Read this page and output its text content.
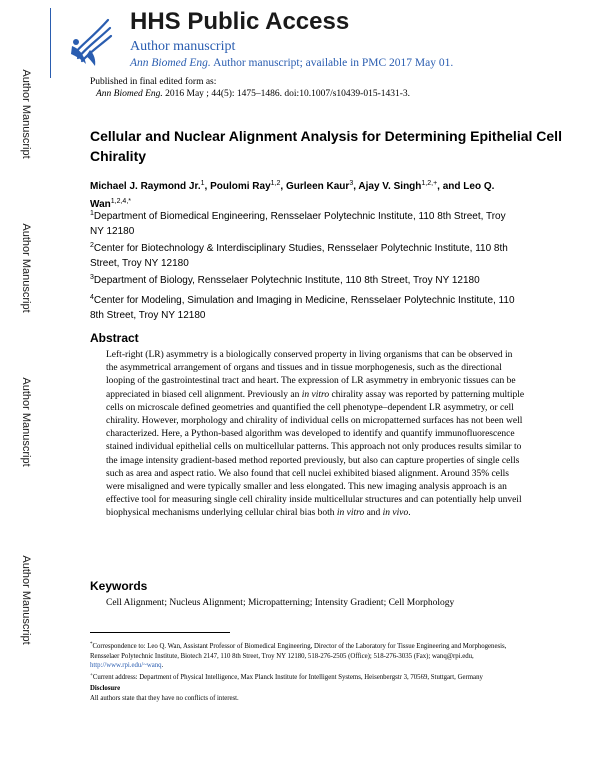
Author Manuscript
Author Manuscript
Author Manuscript
Author Manuscript
HHS Public Access
Author manuscript
Ann Biomed Eng. Author manuscript; available in PMC 2017 May 01.
Published in final edited form as:
Ann Biomed Eng. 2016 May ; 44(5): 1475–1486. doi:10.1007/s10439-015-1431-3.
Cellular and Nuclear Alignment Analysis for Determining Epithelial Cell Chirality
Michael J. Raymond Jr.$^1$, Poulomi Ray$^{1,2}$, Gurleen Kaur$^3$, Ajay V. Singh$^{1,2,+}$, and Leo Q. Wan$^{1,2,4,*}$
$^1$Department of Biomedical Engineering, Rensselaer Polytechnic Institute, 110 8th Street, Troy NY 12180
$^2$Center for Biotechnology & Interdisciplinary Studies, Rensselaer Polytechnic Institute, 110 8th Street, Troy NY 12180
$^3$Department of Biology, Rensselaer Polytechnic Institute, 110 8th Street, Troy NY 12180
$^4$Center for Modeling, Simulation and Imaging in Medicine, Rensselaer Polytechnic Institute, 110 8th Street, Troy NY 12180
Abstract
Left-right (LR) asymmetry is a biologically conserved property in living organisms that can be observed in the asymmetrical arrangement of organs and tissues and in tissue morphogenesis, such as the directional looping of the gastrointestinal tract and heart. The expression of LR asymmetry in embryonic tissues can be appreciated in biased cell alignment. Previously an in vitro chirality assay was reported by patterning multiple cells on microscale defined geometries and quantified the cell phenotype–dependent LR asymmetry, or cell chirality. However, morphology and chirality of individual cells on micropatterned surfaces has not been well characterized. Here, a Python-based algorithm was developed to identify and quantify immunofluorescence stained individual epithelial cells on multicellular patterns. This approach not only produces results similar to the image intensity gradient-based method reported previously, but also can capture properties of single cells such as area and aspect ratio. We also found that cell nuclei exhibited biased alignment. Around 35% cells were misaligned and were typically smaller and less elongated. This new imaging analysis approach is an effective tool for measuring single cell chirality inside multicellular structures and can potentially help unveil biophysical mechanisms underlying cellular chiral bias both in vitro and in vivo.
Keywords
Cell Alignment; Nucleus Alignment; Micropatterning; Intensity Gradient; Cell Morphology
*Correspondence to: Leo Q. Wan, Assistant Professor of Biomedical Engineering, Director of the Laboratory for Tissue Engineering and Morphogenesis, Rensselaer Polytechnic Institute, Biotech 2147, 110 8th Street, Troy NY 12180, 518-276-2505 (Office); 518-276-3035 (Fax); wanq@rpi.edu, http://www.rpi.edu/~wanq.
+Current address: Department of Physical Intelligence, Max Planck Institute for Intelligent Systems, Heisenbergstr 3, 70569, Stuttgart, Germany
Disclosure
All authors state that they have no conflicts of interest.
